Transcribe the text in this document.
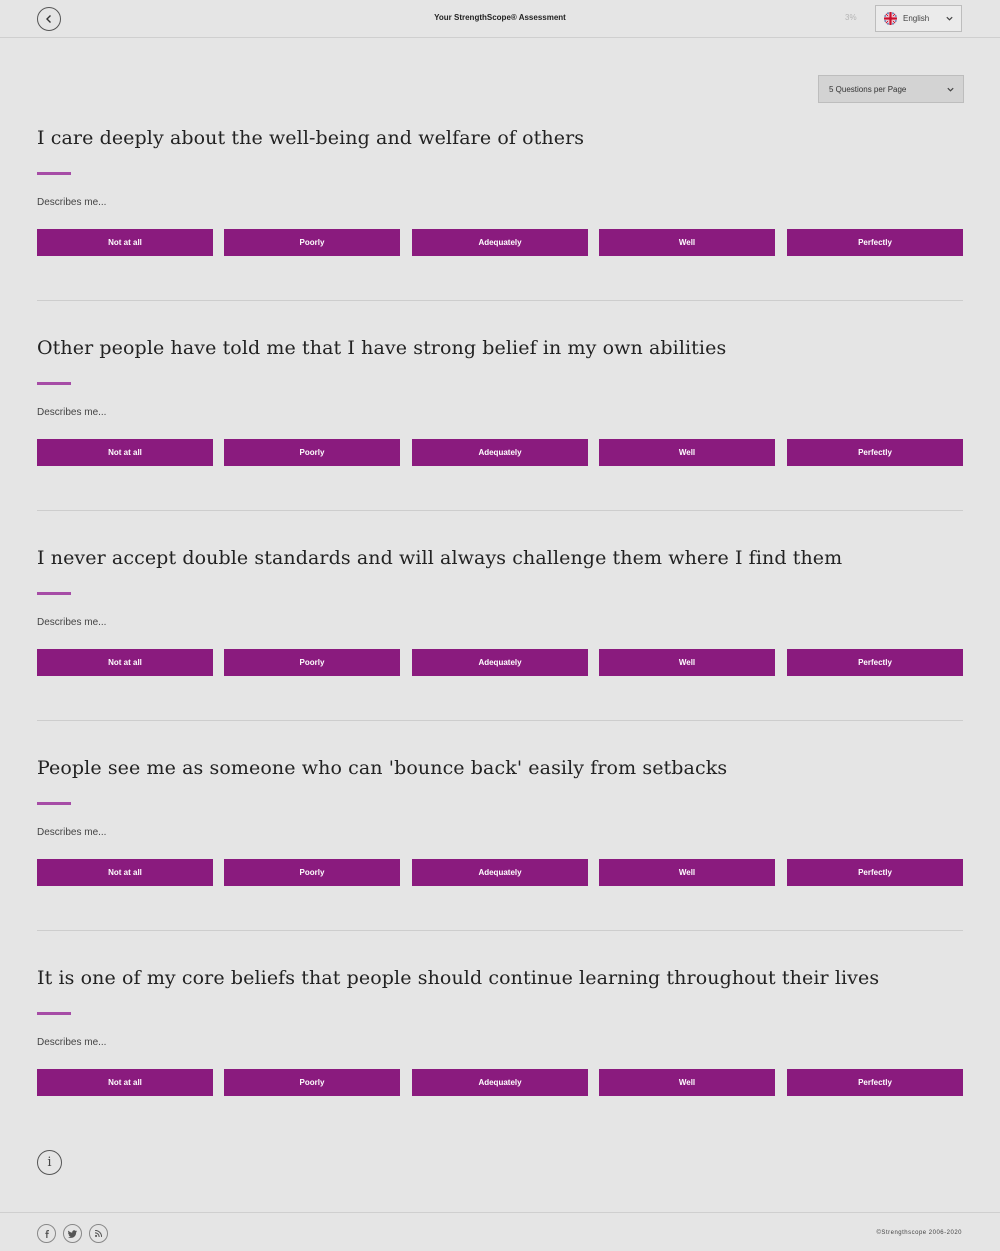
Your StrengthScope® Assessment	3%	English
5 Questions per Page
I care deeply about the well-being and welfare of others
Describes me...
Not at all	Poorly	Adequately	Well	Perfectly
Other people have told me that I have strong belief in my own abilities
Describes me...
Not at all	Poorly	Adequately	Well	Perfectly
I never accept double standards and will always challenge them where I find them
Describes me...
Not at all	Poorly	Adequately	Well	Perfectly
People see me as someone who can 'bounce back' easily from setbacks
Describes me...
Not at all	Poorly	Adequately	Well	Perfectly
It is one of my core beliefs that people should continue learning throughout their lives
Describes me...
Not at all	Poorly	Adequately	Well	Perfectly
i
©Strengthscope 2006-2020
